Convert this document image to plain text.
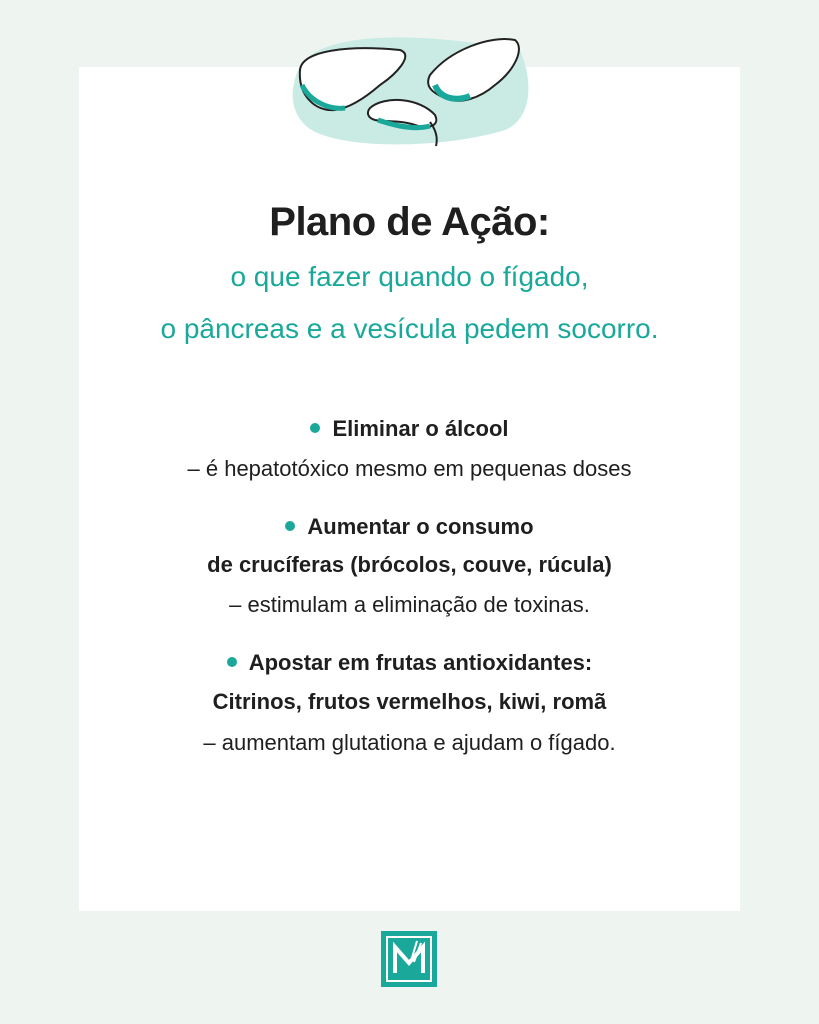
Plano de Ação:

o que fazer quando o fígado,

o pâncreas e a vesícula pedem socorro.

Eliminar o álcool

– é hepatotóxico mesmo em pequenas doses

Aumentar o consumo

de crucíferas (brócolos, couve, rúcula)

– estimulam a eliminação de toxinas.

Apostar em frutas antioxidantes:

Citrinos, frutos vermelhos, kiwi, romã

– aumentam glutationa e ajudam o fígado.
